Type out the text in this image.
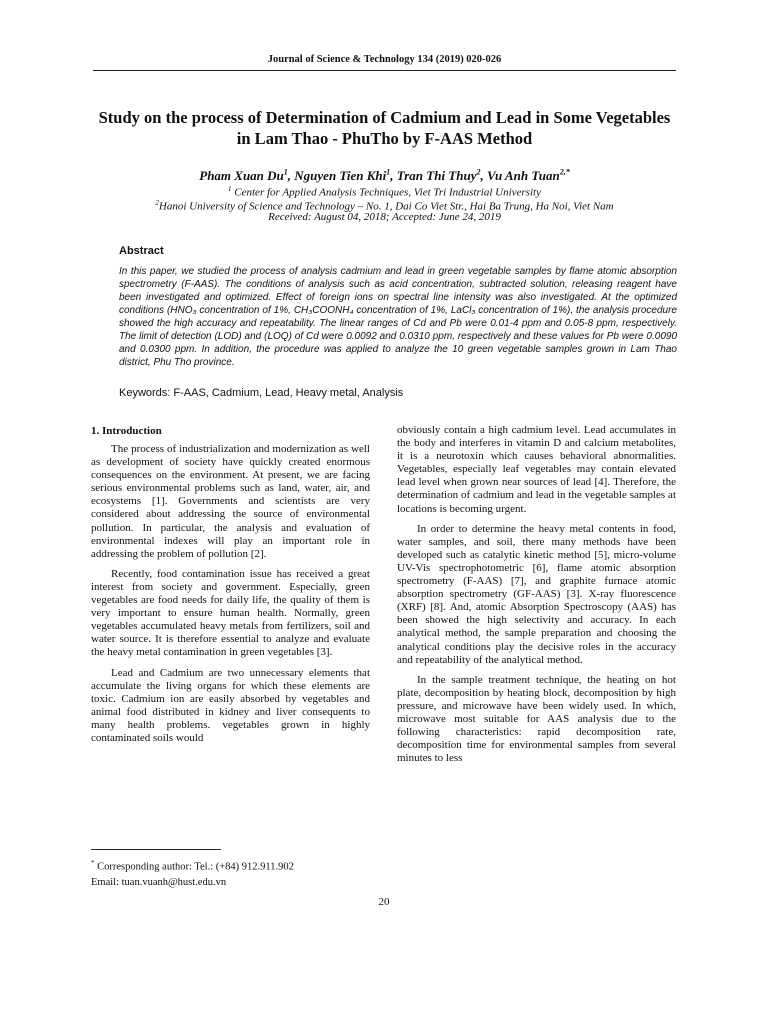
Journal of Science & Technology 134 (2019) 020-026
Study on the process of Determination of Cadmium and Lead in Some Vegetables in Lam Thao - PhuTho by F-AAS Method
Pham Xuan Du$^1$, Nguyen Tien Khi$^1$, Tran Thi Thuy$^2$, Vu Anh Tuan$^{2,*}$
$^1$ Center for Applied Analysis Techniques, Viet Tri Industrial University
$^2$Hanoi University of Science and Technology – No. 1, Dai Co Viet Str., Hai Ba Trung, Ha Noi, Viet Nam
Received: August 04, 2018; Accepted: June 24, 2019
Abstract

In this paper, we studied the process of analysis cadmium and lead in green vegetable samples by flame atomic absorption spectrometry (F-AAS). The conditions of analysis such as acid concentration, subtracted solution, releasing reagent have been investigated and optimized. Effect of foreign ions on spectral line intensity was also investigated. At the optimized conditions (HNO₃ concentration of 1%, CH₃COONH₄ concentration of 1%, LaCl₃ concentration of 1%), the analysis procedure showed the high accuracy and repeatability. The linear ranges of Cd and Pb were 0.01-4 ppm and 0.05-8 ppm, respectively. The limit of detection (LOD) and (LOQ) of Cd were 0.0092 and 0.0310 ppm, respectively and these values for Pb were 0.0090 and 0.0300 ppm. In addition, the procedure was applied to analyze the 10 green vegetable samples grown in Lam Thao district, Phu Tho province.

Keywords: F-AAS, Cadmium, Lead, Heavy metal, Analysis
1. Introduction

The process of industrialization and modernization as well as development of society have quickly created enormous consequences on the environment. At present, we are facing serious environmental problems such as land, water, air, and ecosystems [1]. Governments and scientists are very considered about addressing the source of environmental pollution. In particular, the analysis and evaluation of environmental indexes will play an important role in addressing the problem of pollution [2].

Recently, food contamination issue has received a great interest from society and government. Especially, green vegetables are food needs for daily life, the quality of them is very important to ensure human health. Normally, green vegetables accumulated heavy metals from fertilizers, soil and water source. It is therefore essential to analyze and evaluate the heavy metal contamination in green vegetables [3].

Lead and Cadmium are two unnecessary elements that accumulate the living organs for which these elements are toxic. Cadmium ion are easily absorbed by vegetables and animal food distributed in kidney and liver consequents to many health problems. vegetables grown in highly contaminated soils would

obviously contain a high cadmium level. Lead accumulates in the body and interferes in vitamin D and calcium metabolites, it is a neurotoxin which causes behavioral abnormalities. Vegetables, especially leaf vegetables may contain elevated lead level when grown near sources of lead [4]. Therefore, the determination of cadmium and lead in the vegetable samples at locations is becoming urgent.

In order to determine the heavy metal contents in food, water samples, and soil, there many methods have been developed such as catalytic kinetic method [5], micro-volume UV-Vis spectrophotometric [6], flame atomic absorption spectrometry (F-AAS) [7], and graphite furnace atomic absorption spectrometry (GF-AAS) [3]. X-ray fluorescence (XRF) [8]. And, atomic Absorption Spectroscopy (AAS) has been showed the high selectivity and accuracy. In each analytical method, the sample preparation and choosing the analytical conditions play the decisive roles in the accuracy and repeatability of the analytical method.

In the sample treatment technique, the heating on hot plate, decomposition by heating block, decomposition by high pressure, and microwave have been widely used. In which, microwave most suitable for AAS analysis due to the following characteristics: rapid decomposition rate, decomposition time for environmental samples from several minutes to less

* Corresponding author: Tel.: (+84) 912.911.902
Email: tuan.vuanh@hust.edu.vn
20
